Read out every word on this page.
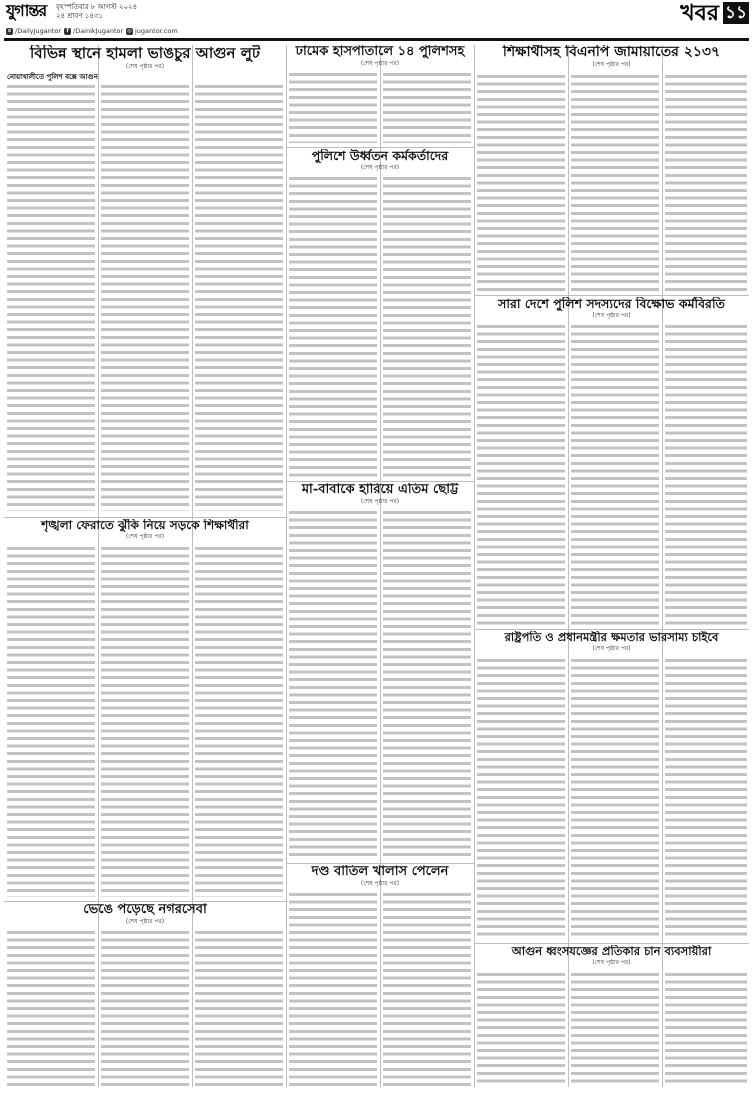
যুগান্তর	বৃহস্পতিবার ৮ আগস্ট ২০২৪
২৪ শ্রাবণ ১৪৩১	খবর ১১
x /DailyJugantor	f /DainikJugantor ◎ jugantor.com
বিভিন্ন স্থানে হামলা ভাঙচুর আগুন লুট
(শেষ পৃষ্ঠার পর)
নোয়াখালীতে পুলিশ বক্সে আগুন
ঢামেক হাসপাতালে ১৪ পুলিশসহ
(শেষ পৃষ্ঠার পর)
পুলিশে উর্ধ্বতন কর্মকর্তাদের
(শেষ পৃষ্ঠার পর)
মা-বাবাকে হারিয়ে এতিম ছোট্ট
(শেষ পৃষ্ঠার পর)
দণ্ড বাতিল খালাস পেলেন
(শেষ পৃষ্ঠার পর)
শিক্ষার্থীসহ বিএনপি জামায়াতের ২১৩৭
(শেষ পৃষ্ঠার পর)
সারা দেশে পুলিশ সদস্যদের বিক্ষোভ কর্মবিরতি
(শেষ পৃষ্ঠার পর)
রাষ্ট্রপতি ও প্রধানমন্ত্রীর ক্ষমতার ভারসাম্য চাইবে
(শেষ পৃষ্ঠার পর)
আগুন ধ্বংসযজ্ঞের প্রতিকার চান ব্যবসায়ীরা
(শেষ পৃষ্ঠার পর)
শৃঙ্খলা ফেরাতে ঝুঁকি নিয়ে সড়কে শিক্ষার্থীরা
(শেষ পৃষ্ঠার পর)
ভেঙে পড়েছে নগরসেবা
(শেষ পৃষ্ঠার পর)
